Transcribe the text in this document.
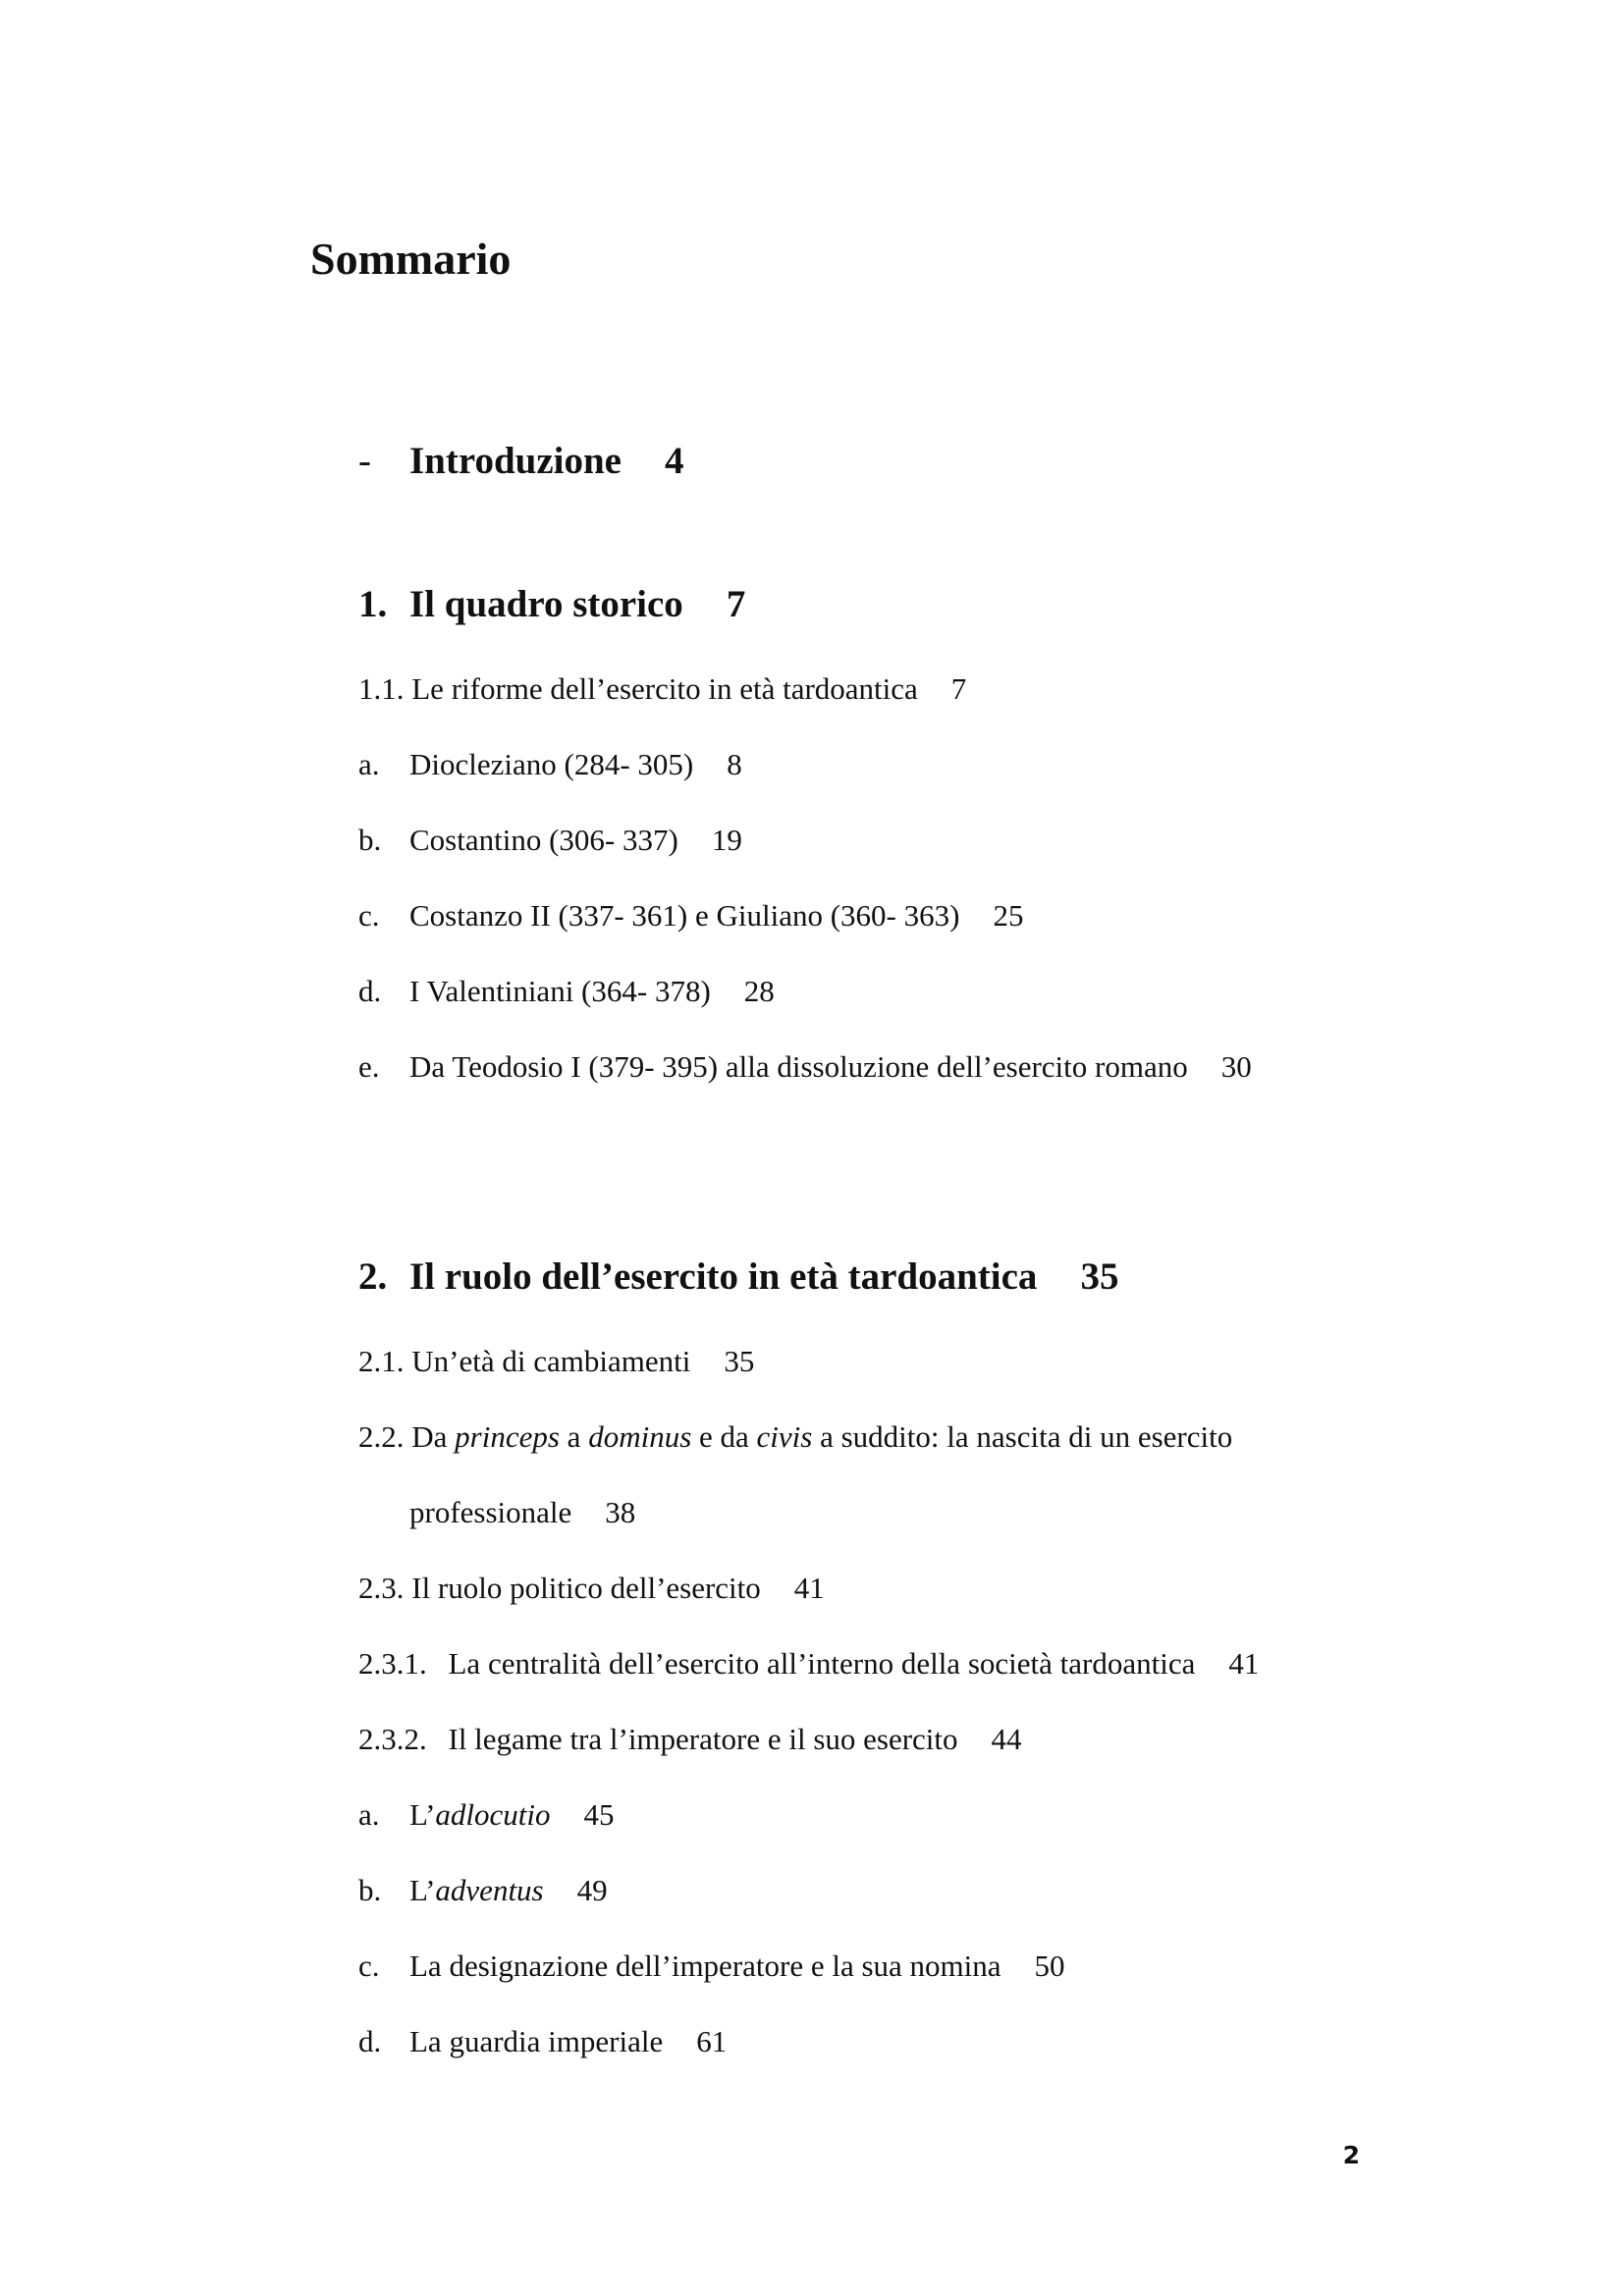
Sommario
- Introduzione 4
1. Il quadro storico 7
1.1. Le riforme dell’esercito in età tardoantica 7
a. Diocleziano (284- 305) 8
b. Costantino (306- 337) 19
c. Costanzo II (337- 361) e Giuliano (360- 363) 25
d. I Valentiniani (364- 378) 28
e. Da Teodosio I (379- 395) alla dissoluzione dell’esercito romano 30
2. Il ruolo dell’esercito in età tardoantica 35
2.1. Un’età di cambiamenti 35
2.2. Da princeps a dominus e da civis a suddito: la nascita di un esercito
professionale 38
2.3. Il ruolo politico dell’esercito 41
2.3.1. La centralità dell’esercito all’interno della società tardoantica 41
2.3.2. Il legame tra l’imperatore e il suo esercito 44
a. L’adlocutio 45
b. L’adventus 49
c. La designazione dell’imperatore e la sua nomina 50
d. La guardia imperiale 61
2
